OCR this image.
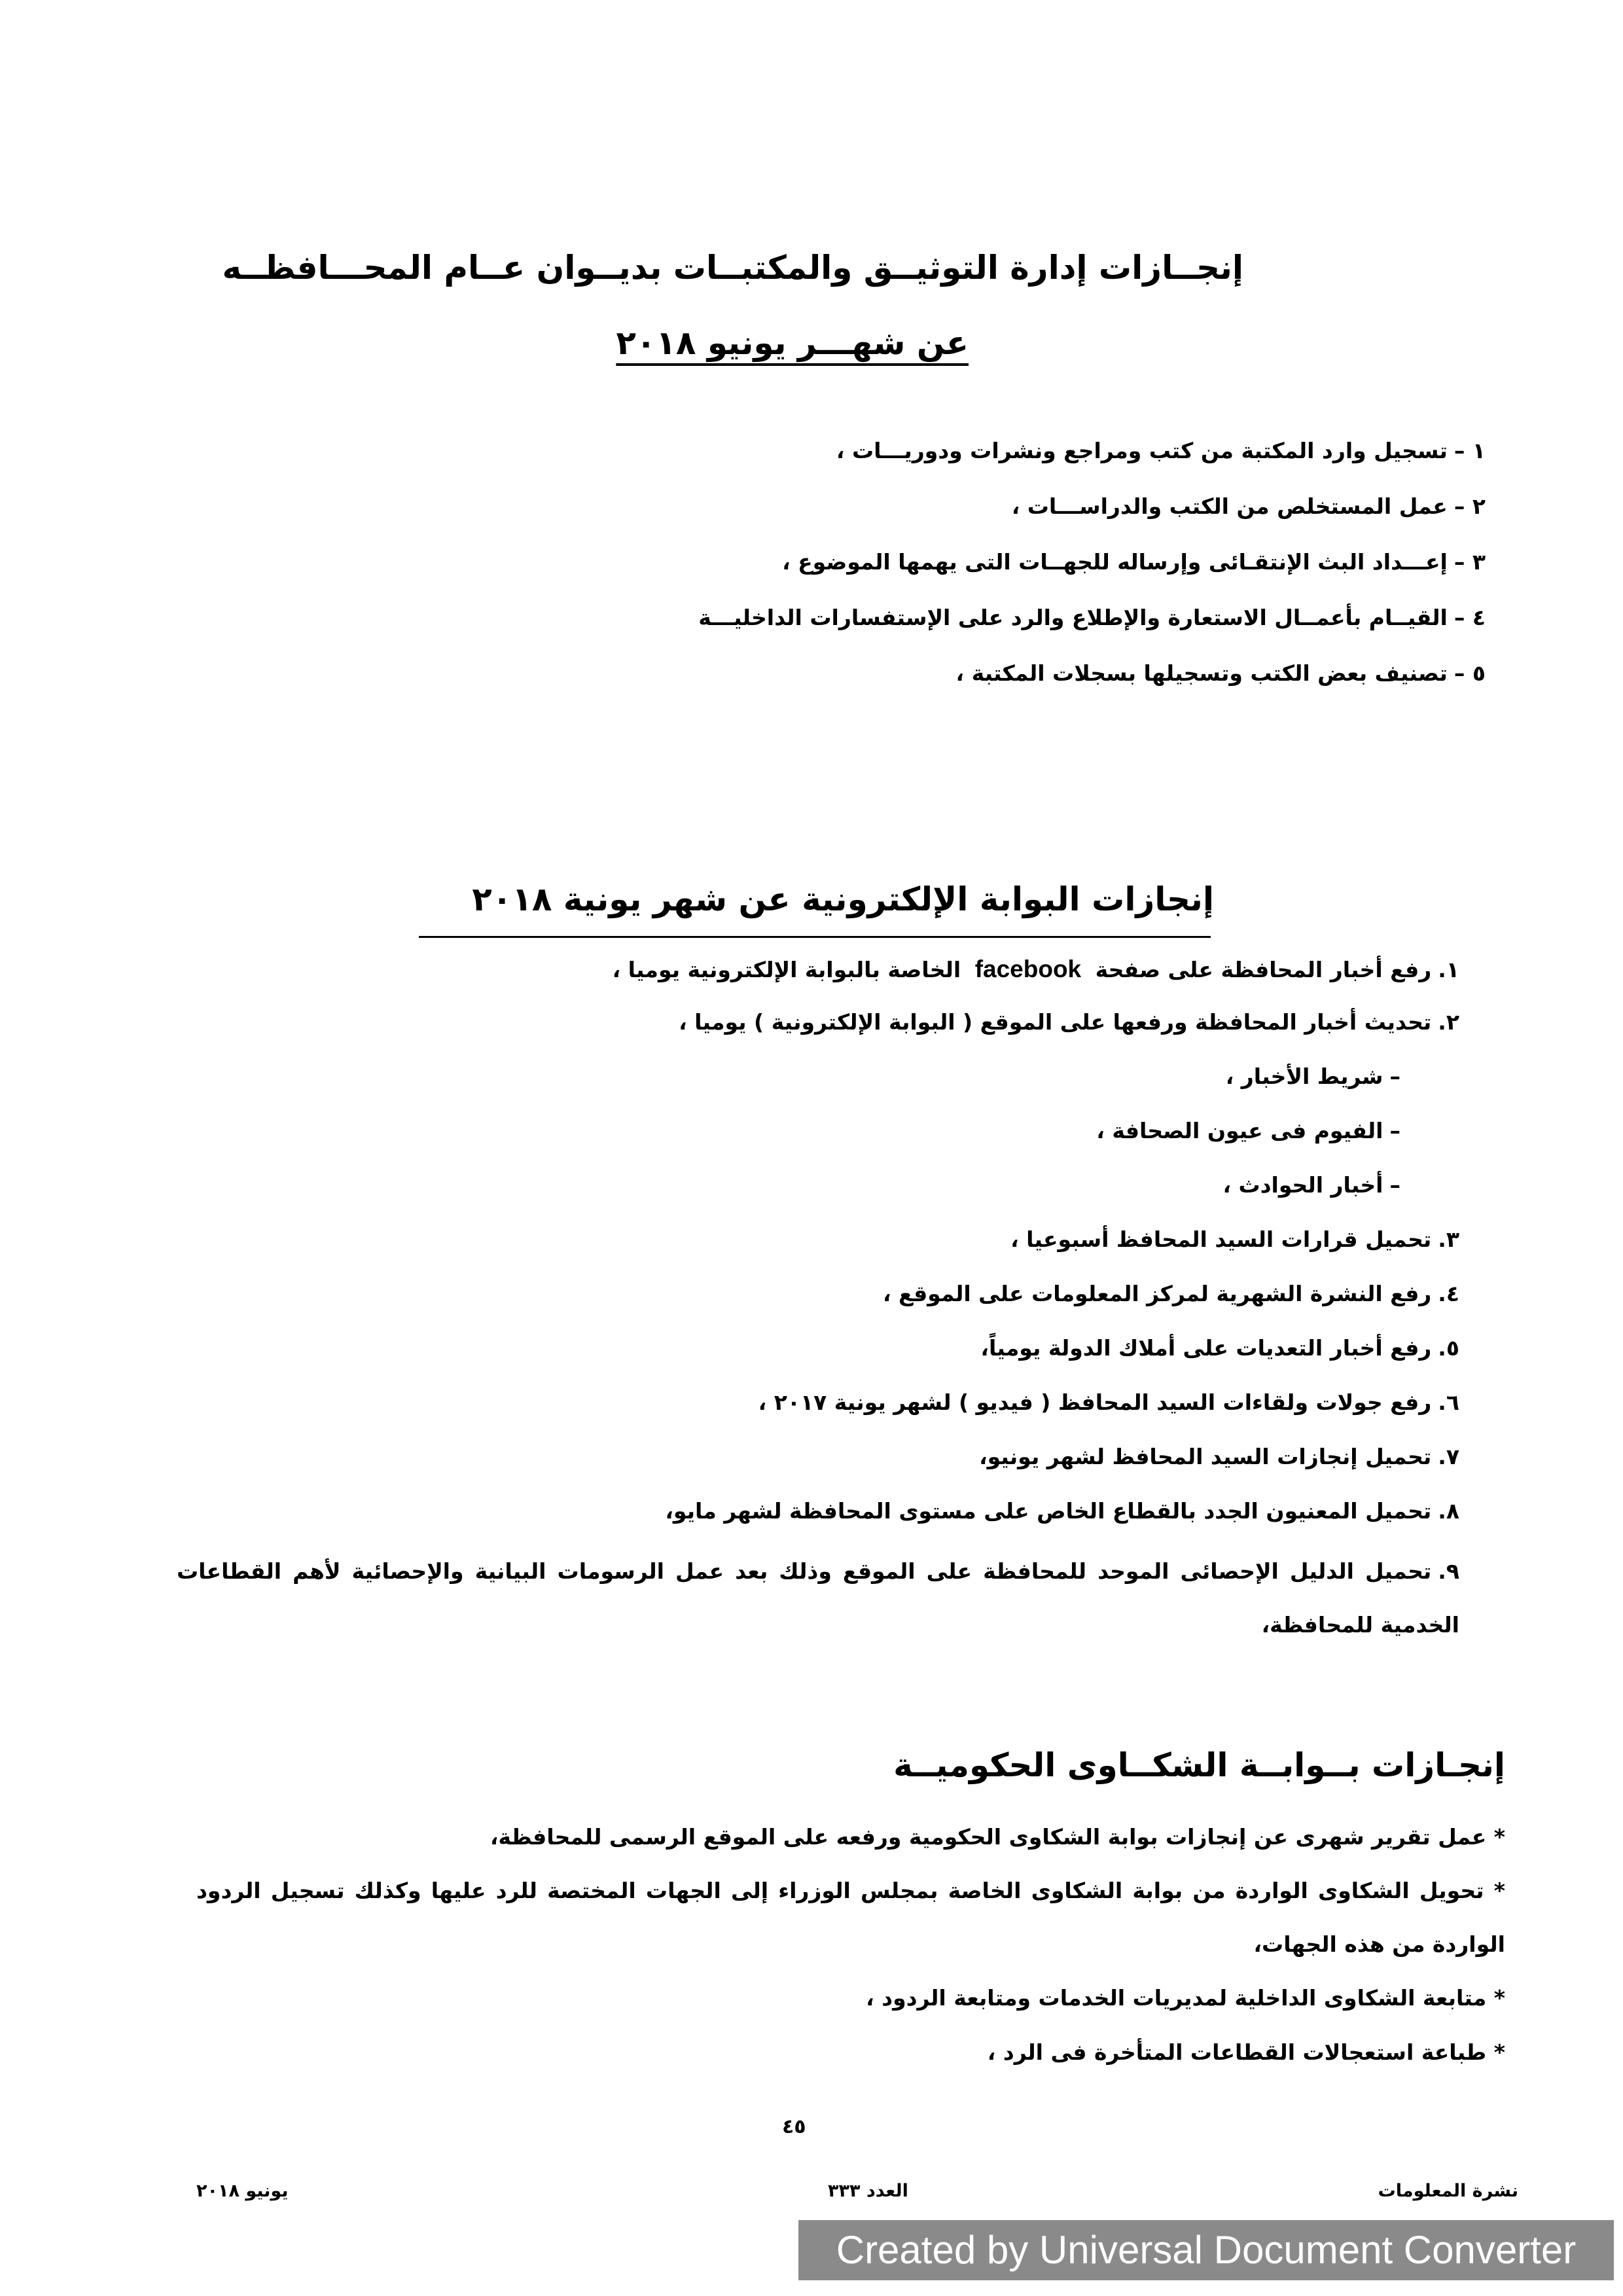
إنجــازات إدارة التوثيــق والمكتبــات بديــوان عــام المحـــافظــه
عن شهـــر يونيو ٢٠١٨
١ –تسجيل وارد المكتبة من كتب ومراجع ونشرات ودوريـــات ،
٢ –عمل المستخلص من الكتب والدراســـات ،
٣ –إعـــداد البث الإنتقـائى وإرساله للجهــات التى يهمها الموضوع ،
٤ –القيــام بأعمــال الاستعارة والإطلاع والرد على الإستفسارات الداخليـــة
٥ –تصنيف بعض الكتب وتسجيلها بسجلات المكتبة ،
إنجازات البوابة الإلكترونية عن شهر يونية ٢٠١٨
١.رفع أخبار المحافظة على صفحة facebook الخاصة بالبوابة الإلكترونية يوميا ،
٢.تحديث أخبار المحافظة ورفعها على الموقع ( البوابة الإلكترونية ) يوميا ،
–شريط الأخبار ،
–الفيوم فى عيون الصحافة ،
–أخبار الحوادث ،
٣.تحميل قرارات السيد المحافظ أسبوعيا ،
٤.رفع النشرة الشهرية لمركز المعلومات على الموقع ،
٥.رفع أخبار التعديات على أملاك الدولة يومياً،
٦.رفع جولات ولقاءات السيد المحافظ ( فيديو ) لشهر يونية ٢٠١٧ ،
٧.تحميل إنجازات السيد المحافظ لشهر يونيو،
٨.تحميل المعنيون الجدد بالقطاع الخاص على مستوى المحافظة لشهر مايو،
٩.تحميل الدليل الإحصائى الموحد للمحافظة على الموقع وذلك بعد عمل الرسومات البيانية والإحصائية لأهم القطاعات الخدمية للمحافظة،
إنجـازات بــوابــة الشكــاوى الحكوميــة
* عمل تقرير شهرى عن إنجازات بوابة الشكاوى الحكومية ورفعه على الموقع الرسمى للمحافظة،
* تحويل الشكاوى الواردة من بوابة الشكاوى الخاصة بمجلس الوزراء إلى الجهات المختصة للرد عليها وكذلك تسجيل الردود الواردة من هذه الجهات،
* متابعة الشكاوى الداخلية لمديريات الخدمات ومتابعة الردود ،
* طباعة استعجالات القطاعات المتأخرة فى الرد ،
٤٥
نشرة المعلومات
العدد ٣٣٣
يونيو ٢٠١٨
Created by Universal Document Converter
